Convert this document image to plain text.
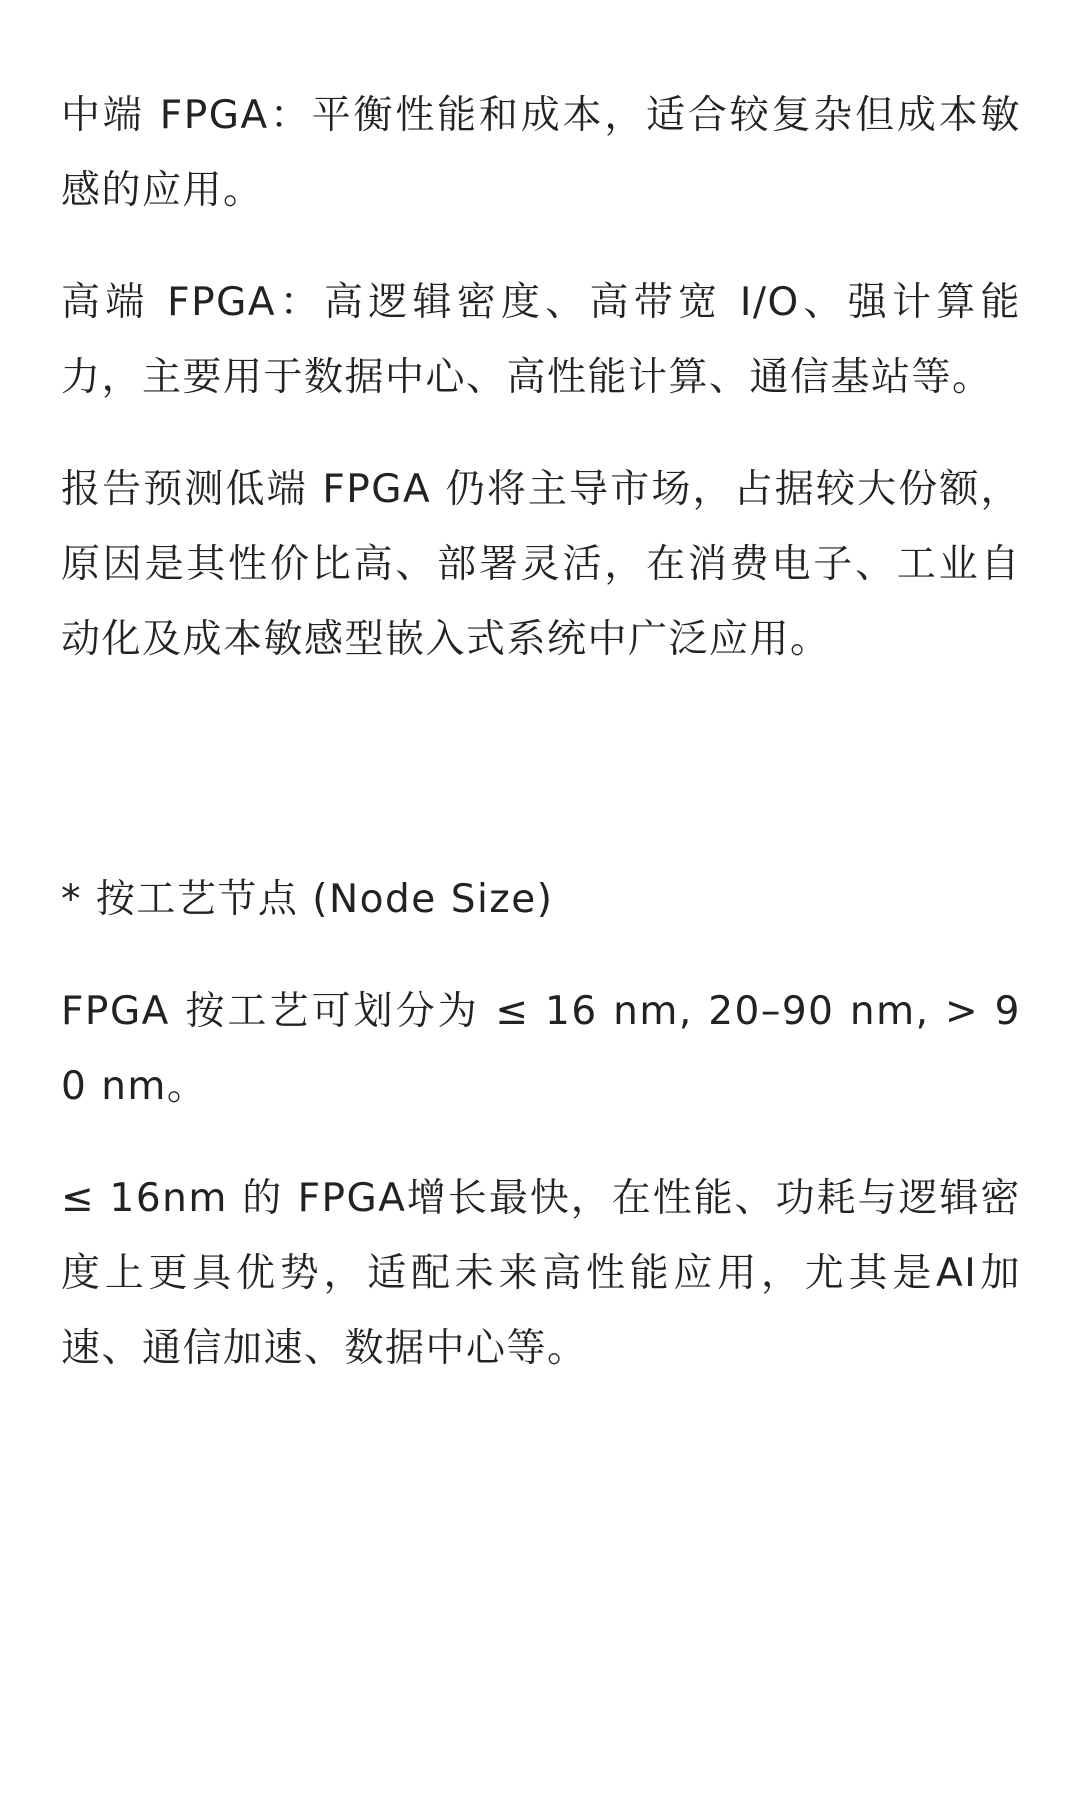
中端 FPGA：平衡性能和成本，适合较复杂但成本敏感的应用。

高端 FPGA：高逻辑密度、高带宽 I/O、强计算能力，主要用于数据中心、高性能计算、通信基站等。

报告预测低端 FPGA 仍将主导市场，占据较大份额，原因是其性价比高、部署灵活，在消费电子、工业自动化及成本敏感型嵌入式系统中广泛应用。

* 按工艺节点 (Node Size)

FPGA 按工艺可划分为 ≤ 16 nm, 20–90 nm, > 90 nm。

≤ 16nm 的 FPGA增长最快，在性能、功耗与逻辑密度上更具优势，适配未来高性能应用，尤其是AI加速、通信加速、数据中心等。
